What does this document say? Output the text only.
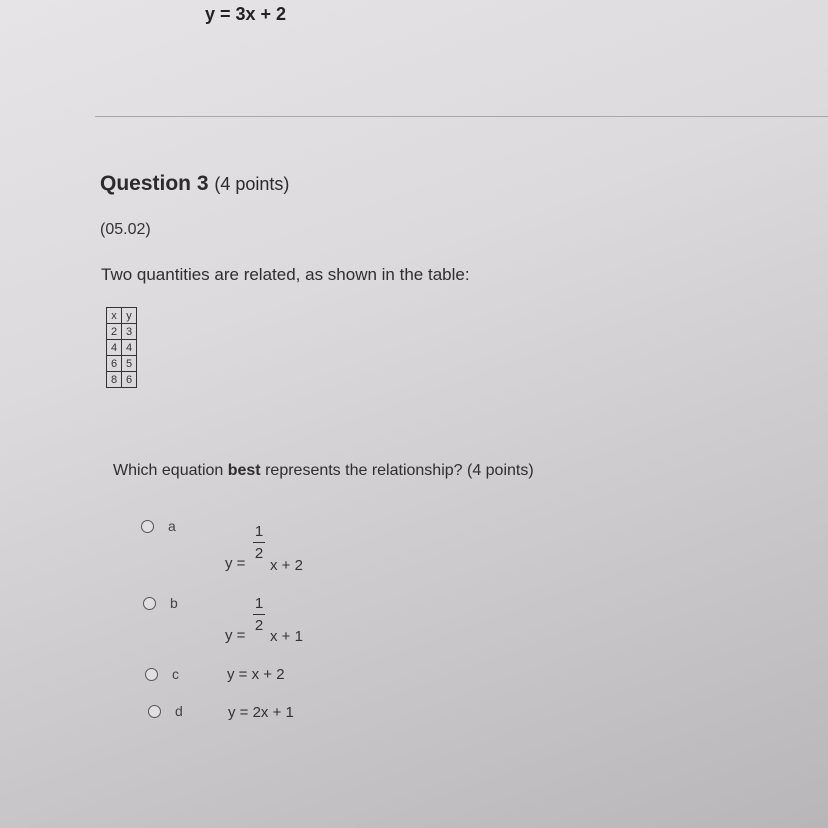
y = 3x + 2
Question 3 (4 points)
(05.02)
Two quantities are related, as shown in the table:
x	y
2	3
4	4
6	5
8	6
Which equation best represents the relationship? (4 points)
a
y =
1
2
x + 2
b
y =
1
2
x + 1
c	y = x + 2
d	y = 2x + 1
